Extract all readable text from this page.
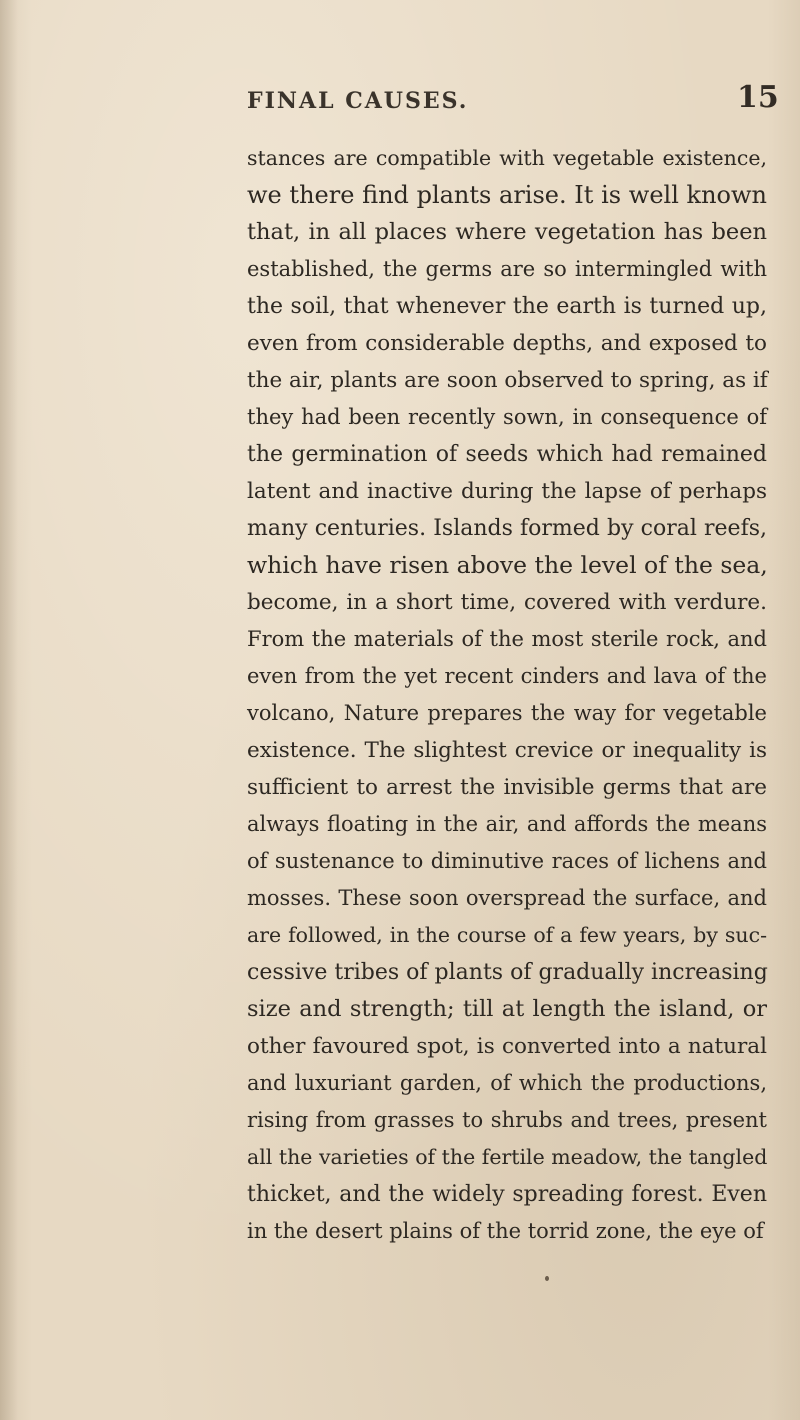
FINAL CAUSES.	15
stances are compatible with vegetable existence,
we there find plants arise. It is well known
that, in all places where vegetation has been
established, the germs are so intermingled with
the soil, that whenever the earth is turned up,
even from considerable depths, and exposed to
the air, plants are soon observed to spring, as if
they had been recently sown, in consequence of
the germination of seeds which had remained
latent and inactive during the lapse of perhaps
many centuries. Islands formed by coral reefs,
which have risen above the level of the sea,
become, in a short time, covered with verdure.
From the materials of the most sterile rock, and
even from the yet recent cinders and lava of the
volcano, Nature prepares the way for vegetable
existence. The slightest crevice or inequality is
sufficient to arrest the invisible germs that are
always floating in the air, and affords the means
of sustenance to diminutive races of lichens and
mosses. These soon overspread the surface, and
are followed, in the course of a few years, by suc-
cessive tribes of plants of gradually increasing
size and strength; till at length the island, or
other favoured spot, is converted into a natural
and luxuriant garden, of which the productions,
rising from grasses to shrubs and trees, present
all the varieties of the fertile meadow, the tangled
thicket, and the widely spreading forest. Even
in the desert plains of the torrid zone, the eye of
